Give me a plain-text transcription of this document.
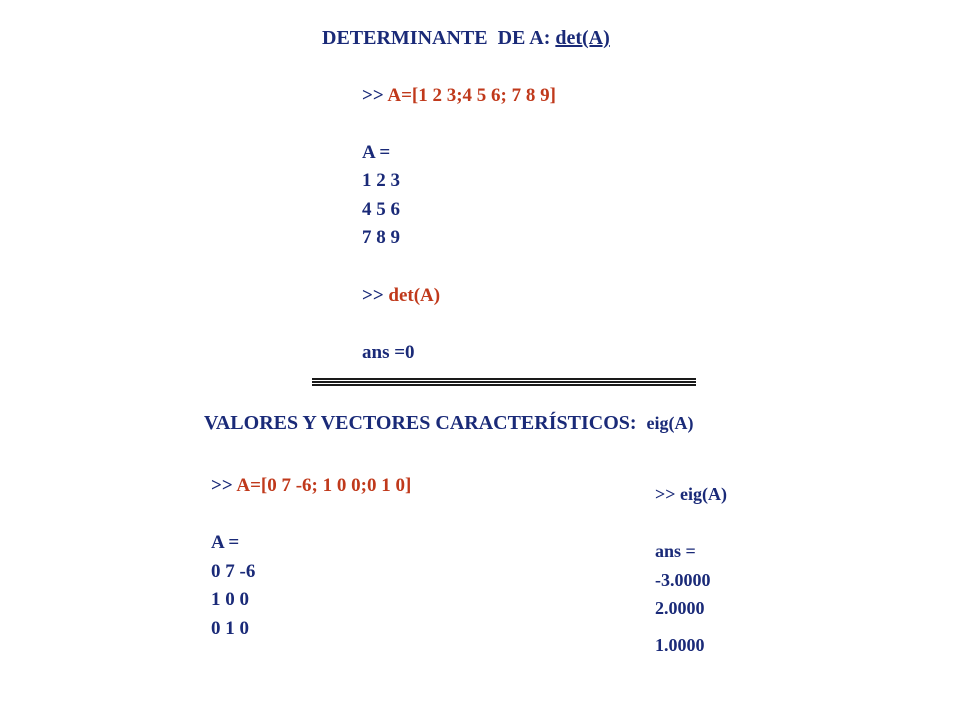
DETERMINANTE  DE A: det(A)
>> A=[1 2 3;4 5 6; 7 8 9]
A =
1 2 3
4 5 6
7 8 9
>> det(A)
ans =0
VALORES Y VECTORES CARACTERÍSTICOS:  eig(A)
>> A=[0 7 -6; 1 0 0;0 1 0]
A =
0 7 -6
1 0 0
0 1 0
>> eig(A)
ans =
-3.0000
2.0000
1.0000
